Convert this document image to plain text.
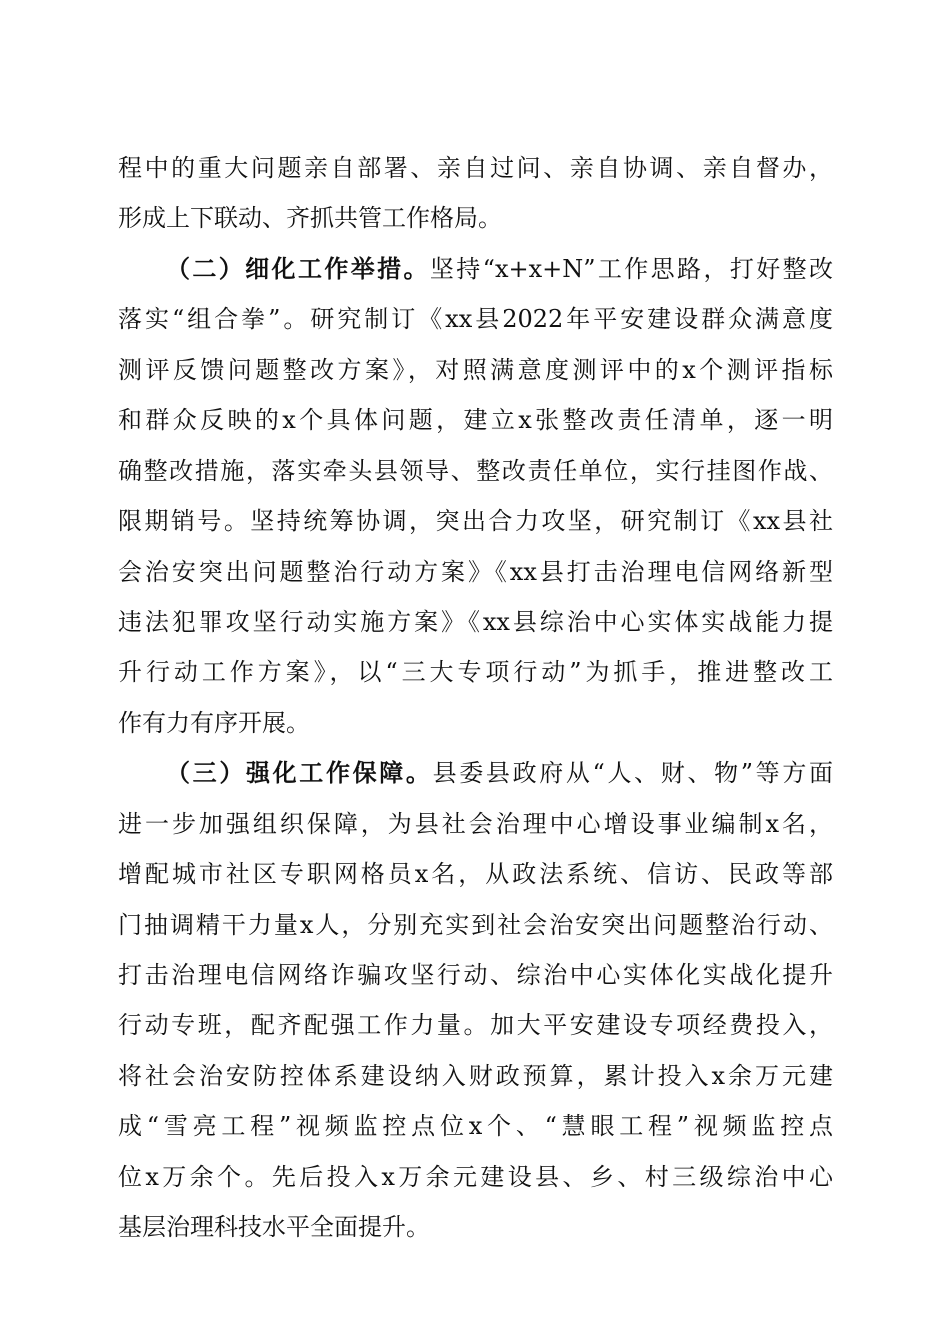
程中的重大问题亲自部署、亲自过问、亲自协调、亲自督办，
形成上下联动、齐抓共管工作格局。
（二）细化工作举措。坚持“x+x+N”工作思路，打好整改
落实“组合拳”。研究制订《xx县2022年平安建设群众满意度
测评反馈问题整改方案》，对照满意度测评中的x个测评指标
和群众反映的x个具体问题，建立x张整改责任清单，逐一明
确整改措施，落实牵头县领导、整改责任单位，实行挂图作战、
限期销号。坚持统筹协调，突出合力攻坚，研究制订《xx县社
会治安突出问题整治行动方案》《xx县打击治理电信网络新型
违法犯罪攻坚行动实施方案》《xx县综治中心实体实战能力提
升行动工作方案》，以“三大专项行动”为抓手，推进整改工
作有力有序开展。
（三）强化工作保障。县委县政府从“人、财、物”等方面
进一步加强组织保障，为县社会治理中心增设事业编制x名，
增配城市社区专职网格员x名，从政法系统、信访、民政等部
门抽调精干力量x人，分别充实到社会治安突出问题整治行动、
打击治理电信网络诈骗攻坚行动、综治中心实体化实战化提升
行动专班，配齐配强工作力量。加大平安建设专项经费投入，
将社会治安防控体系建设纳入财政预算，累计投入x余万元建
成“雪亮工程”视频监控点位x个、“慧眼工程”视频监控点
位x万余个。先后投入x万余元建设县、乡、村三级综治中心
基层治理科技水平全面提升。
